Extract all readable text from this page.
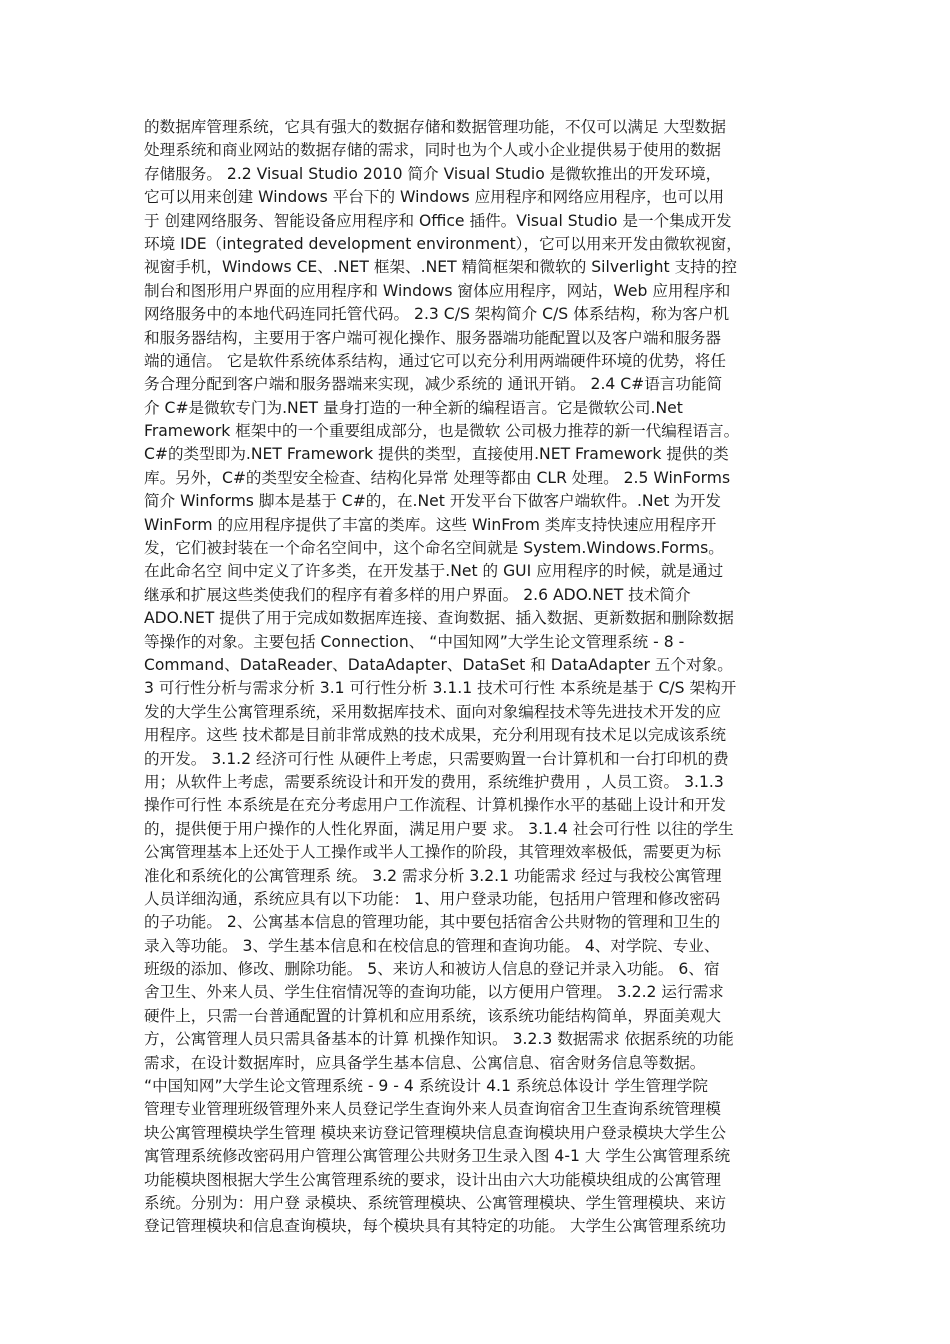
的数据库管理系统，它具有强大的数据存储和数据管理功能，不仅可以满足 大型数据
处理系统和商业网站的数据存储的需求，同时也为个人或小企业提供易于使用的数据
存储服务。 2.2 Visual Studio 2010 简介 Visual Studio 是微软推出的开发环境，
它可以用来创建 Windows 平台下的 Windows 应用程序和网络应用程序，也可以用
于 创建网络服务、智能设备应用程序和 Office 插件。Visual Studio 是一个集成开发
环境 IDE（integrated development environment），它可以用来开发由微软视窗，
视窗手机，Windows CE、.NET 框架、.NET 精简框架和微软的 Silverlight 支持的控
制台和图形用户界面的应用程序和 Windows 窗体应用程序，网站，Web 应用程序和
网络服务中的本地代码连同托管代码。 2.3 C/S 架构简介 C/S 体系结构，称为客户机
和服务器结构，主要用于客户端可视化操作、服务器端功能配置以及客户端和服务器
端的通信。 它是软件系统体系结构，通过它可以充分利用两端硬件环境的优势，将任
务合理分配到客户端和服务器端来实现，减少系统的 通讯开销。 2.4 C#语言功能简
介 C#是微软专门为.NET 量身打造的一种全新的编程语言。它是微软公司.Net
Framework 框架中的一个重要组成部分，也是微软 公司极力推荐的新一代编程语言。
C#的类型即为.NET Framework 提供的类型，直接使用.NET Framework 提供的类
库。另外，C#的类型安全检查、结构化异常 处理等都由 CLR 处理。 2.5 WinForms
简介 Winforms 脚本是基于 C#的，在.Net 开发平台下做客户端软件。.Net 为开发
WinForm 的应用程序提供了丰富的类库。这些 WinFrom 类库支持快速应用程序开
发，它们被封装在一个命名空间中，这个命名空间就是 System.Windows.Forms。
在此命名空 间中定义了许多类，在开发基于.Net 的 GUI 应用程序的时候，就是通过
继承和扩展这些类使我们的程序有着多样的用户界面。 2.6 ADO.NET 技术简介
ADO.NET 提供了用于完成如数据库连接、查询数据、插入数据、更新数据和删除数据
等操作的对象。主要包括 Connection、 “中国知网”大学生论文管理系统 - 8 -
Command、DataReader、DataAdapter、DataSet 和 DataAdapter 五个对象。
3 可行性分析与需求分析 3.1 可行性分析 3.1.1 技术可行性 本系统是基于 C/S 架构开
发的大学生公寓管理系统，采用数据库技术、面向对象编程技术等先进技术开发的应
用程序。这些 技术都是目前非常成熟的技术成果，充分利用现有技术足以完成该系统
的开发。 3.1.2 经济可行性 从硬件上考虑，只需要购置一台计算机和一台打印机的费
用；从软件上考虑，需要系统设计和开发的费用，系统维护费用 ，人员工资。 3.1.3
操作可行性 本系统是在充分考虑用户工作流程、计算机操作水平的基础上设计和开发
的，提供便于用户操作的人性化界面，满足用户要 求。 3.1.4 社会可行性 以往的学生
公寓管理基本上还处于人工操作或半人工操作的阶段，其管理效率极低，需要更为标
准化和系统化的公寓管理系 统。 3.2 需求分析 3.2.1 功能需求 经过与我校公寓管理
人员详细沟通，系统应具有以下功能： 1、用户登录功能，包括用户管理和修改密码
的子功能。 2、公寓基本信息的管理功能，其中要包括宿舍公共财物的管理和卫生的
录入等功能。 3、学生基本信息和在校信息的管理和查询功能。 4、对学院、专业、
班级的添加、修改、删除功能。 5、来访人和被访人信息的登记并录入功能。 6、宿
舍卫生、外来人员、学生住宿情况等的查询功能，以方便用户管理。 3.2.2 运行需求
硬件上，只需一台普通配置的计算机和应用系统，该系统功能结构简单，界面美观大
方，公寓管理人员只需具备基本的计算 机操作知识。 3.2.3 数据需求 依据系统的功能
需求，在设计数据库时，应具备学生基本信息、公寓信息、宿舍财务信息等数据。
“中国知网”大学生论文管理系统 - 9 - 4 系统设计 4.1 系统总体设计 学生管理学院
管理专业管理班级管理外来人员登记学生查询外来人员查询宿舍卫生查询系统管理模
块公寓管理模块学生管理 模块来访登记管理模块信息查询模块用户登录模块大学生公
寓管理系统修改密码用户管理公寓管理公共财务卫生录入图 4-1 大 学生公寓管理系统
功能模块图根据大学生公寓管理系统的要求，设计出由六大功能模块组成的公寓管理
系统。分别为：用户登 录模块、系统管理模块、公寓管理模块、学生管理模块、来访
登记管理模块和信息查询模块，每个模块具有其特定的功能。 大学生公寓管理系统功
